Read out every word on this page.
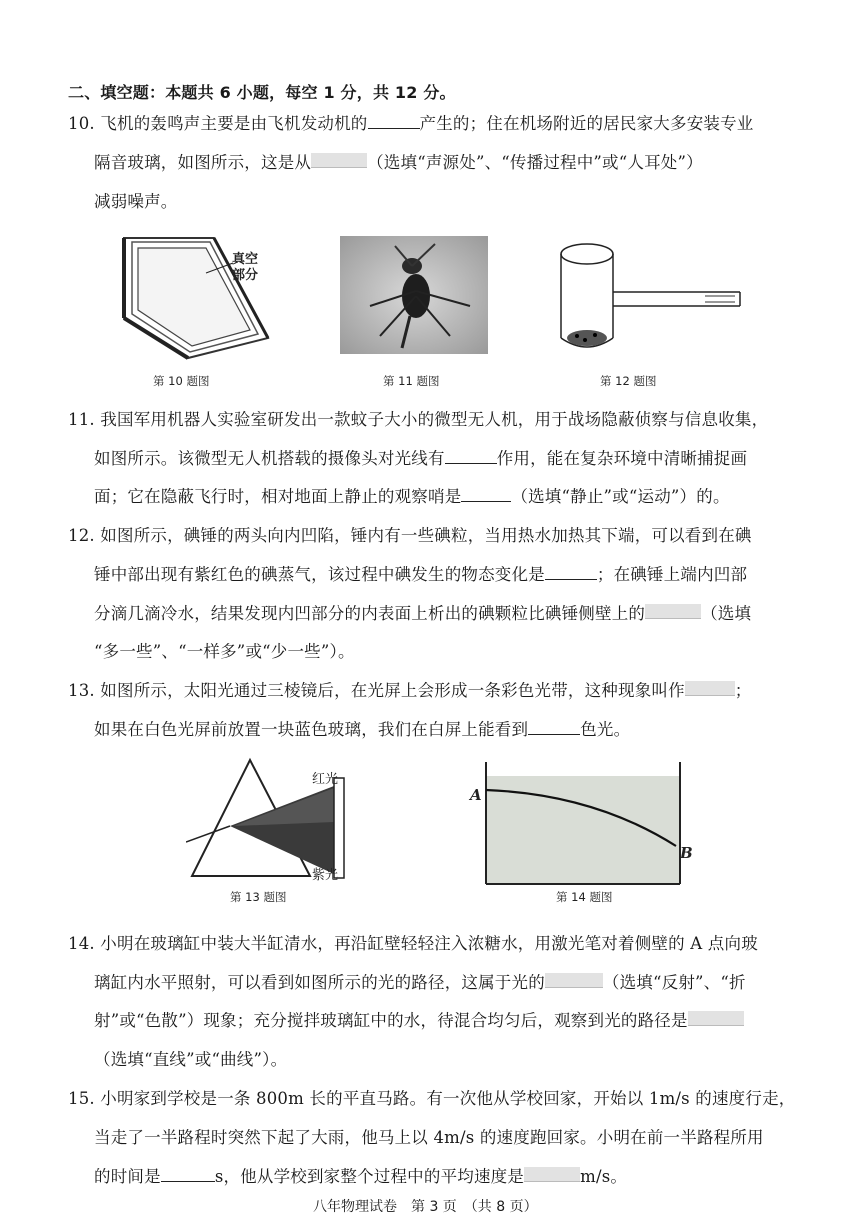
二、填空题：本题共 6 小题，每空 1 分，共 12 分。
10. 飞机的轰鸣声主要是由飞机发动机的	产生的；住在机场附近的居民家大多安装专业
隔音玻璃，如图所示，这是从	（选填“声源处”、“传播过程中”或“人耳处”）
减弱噪声。
真空
部分
第 10 题图	第 11 题图	第 12 题图
11. 我国军用机器人实验室研发出一款蚊子大小的微型无人机，用于战场隐蔽侦察与信息收集，
如图所示。该微型无人机搭载的摄像头对光线有	作用，能在复杂环境中清晰捕捉画
面；它在隐蔽飞行时，相对地面上静止的观察哨是	（选填“静止”或“运动”）的。
12. 如图所示，碘锤的两头向内凹陷，锤内有一些碘粒，当用热水加热其下端，可以看到在碘
锤中部出现有紫红色的碘蒸气，该过程中碘发生的物态变化是	；在碘锤上端内凹部
分滴几滴冷水，结果发现内凹部分的内表面上析出的碘颗粒比碘锤侧壁上的	（选填
“多一些”、“一样多”或“少一些”）。
13. 如图所示，太阳光通过三棱镜后，在光屏上会形成一条彩色光带，这种现象叫作	；
如果在白色光屏前放置一块蓝色玻璃，我们在白屏上能看到	色光。
红光
紫光
第 13 题图
A
B
第 14 题图
14. 小明在玻璃缸中装大半缸清水，再沿缸壁轻轻注入浓糖水，用激光笔对着侧壁的 A 点向玻
璃缸内水平照射，可以看到如图所示的光的路径，这属于光的	（选填“反射”、“折
射”或“色散”）现象；充分搅拌玻璃缸中的水，待混合均匀后，观察到光的路径是
（选填“直线”或“曲线”）。
15. 小明家到学校是一条 800m 长的平直马路。有一次他从学校回家，开始以 1m/s 的速度行走，
当走了一半路程时突然下起了大雨，他马上以 4m/s 的速度跑回家。小明在前一半路程所用
的时间是	s，他从学校到家整个过程中的平均速度是	m/s。
八年物理试卷　第 3 页　（共 8 页）
